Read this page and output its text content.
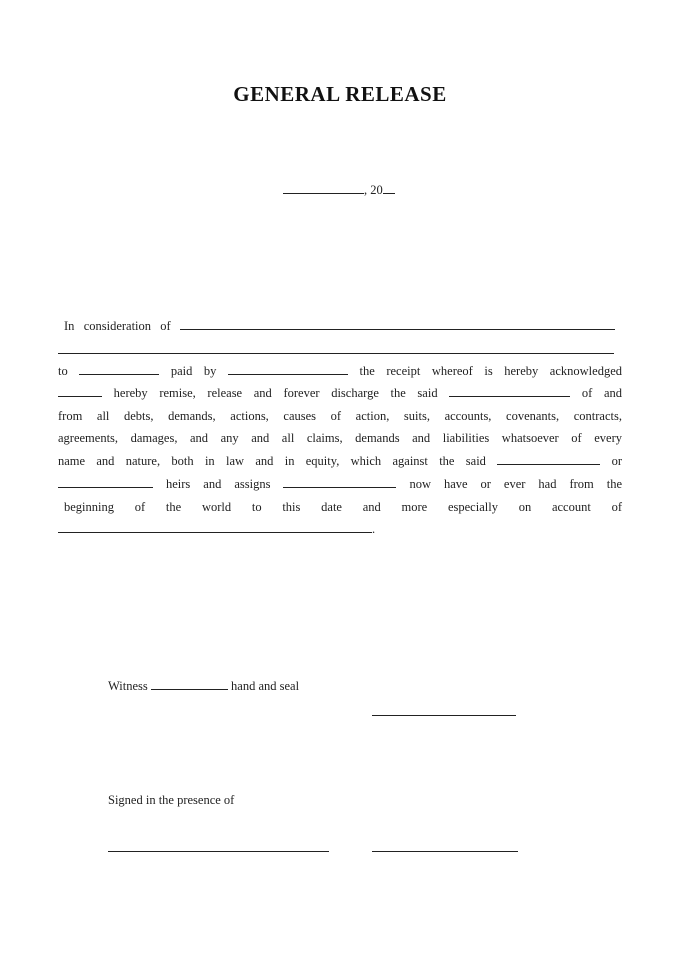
GENERAL RELEASE
, 20
In consideration of
to	paid by	the receipt whereof is hereby acknowledged
hereby remise, release and forever discharge the said	of and
from all debts, demands, actions, causes of action, suits, accounts, covenants, contracts,
agreements, damages, and any and all claims, demands and liabilities whatsoever of every
name and nature, both in law and in equity, which against the said	or
heirs and assigns	now have or ever had from the
beginning of the world to this date and more especially on account of
.
Witness	hand and seal
Signed in the presence of
